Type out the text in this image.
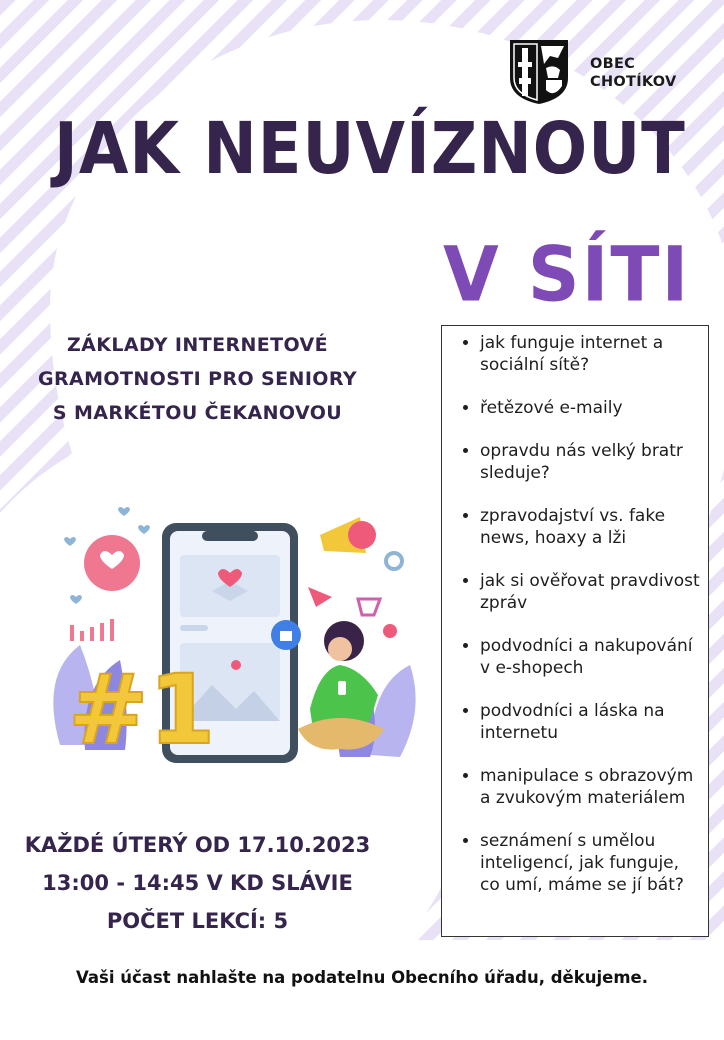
OBEC
CHOTÍKOV
JAK NEUVÍZNOUT
V SÍTI
ZÁKLADY INTERNETOVÉ
GRAMOTNOSTI PRO SENIORY
S MARKÉTOU ČEKANOVOU
• jak funguje internet a sociální sítě?
• řetězové e-maily
• opravdu nás velký bratr sleduje?
• zpravodajství vs. fake news, hoaxy a lži
• jak si ověřovat pravdivost zpráv
• podvodníci a nakupování v e-shopech
• podvodníci a láska na internetu
• manipulace s obrazovým a zvukovým materiálem
• seznámení s umělou inteligencí, jak funguje, co umí, máme se jí bát?
#1
KAŽDÉ ÚTERÝ OD 17.10.2023
13:00 - 14:45 V KD SLÁVIE
POČET LEKCÍ: 5
Vaši účast nahlašte na podatelnu Obecního úřadu, děkujeme.
